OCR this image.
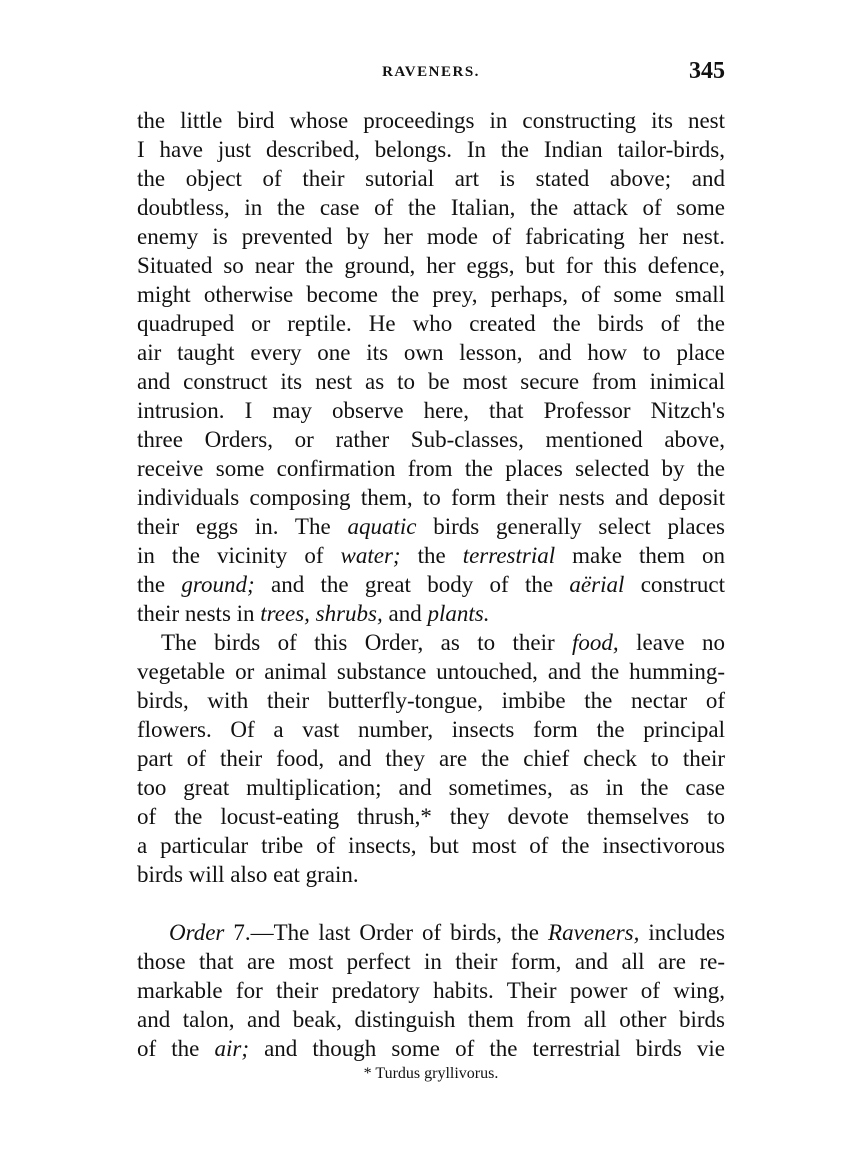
RAVENERS.	345
the little bird whose proceedings in constructing its nest
I have just described, belongs. In the Indian tailor-birds,
the object of their sutorial art is stated above; and
doubtless, in the case of the Italian, the attack of some
enemy is prevented by her mode of fabricating her nest.
Situated so near the ground, her eggs, but for this defence,
might otherwise become the prey, perhaps, of some small
quadruped or reptile. He who created the birds of the
air taught every one its own lesson, and how to place
and construct its nest as to be most secure from inimical
intrusion. I may observe here, that Professor Nitzch's
three Orders, or rather Sub-classes, mentioned above,
receive some confirmation from the places selected by the
individuals composing them, to form their nests and deposit
their eggs in. The aquatic birds generally select places
in the vicinity of water; the terrestrial make them on
the ground; and the great body of the aërial construct
their nests in trees, shrubs, and plants.
The birds of this Order, as to their food, leave no
vegetable or animal substance untouched, and the humming-
birds, with their butterfly-tongue, imbibe the nectar of
flowers. Of a vast number, insects form the principal
part of their food, and they are the chief check to their
too great multiplication; and sometimes, as in the case
of the locust-eating thrush,* they devote themselves to
a particular tribe of insects, but most of the insectivorous
birds will also eat grain.
Order 7.—The last Order of birds, the Raveners, includes
those that are most perfect in their form, and all are re-
markable for their predatory habits. Their power of wing,
and talon, and beak, distinguish them from all other birds
of the air; and though some of the terrestrial birds vie
* Turdus gryllivorus.
